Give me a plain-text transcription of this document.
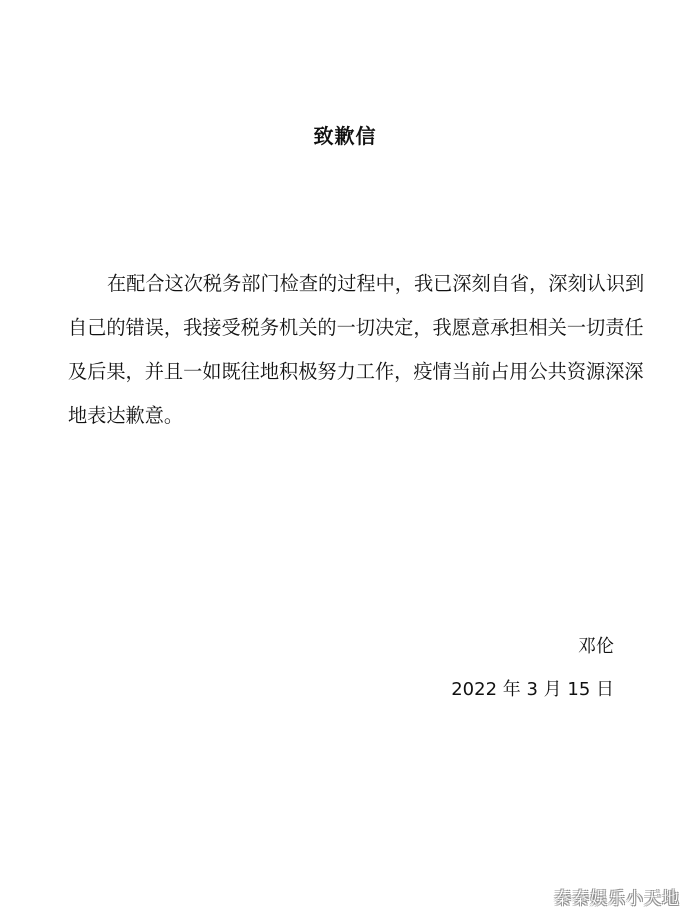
致歉信

在配合这次税务部门检查的过程中，我已深刻自省，深刻认识到
自己的错误，我接受税务机关的一切决定，我愿意承担相关一切责任
及后果，并且一如既往地积极努力工作，疫情当前占用公共资源深深
地表达歉意。

邓伦
2022 年 3 月 15 日
秦秦娱乐小天地
